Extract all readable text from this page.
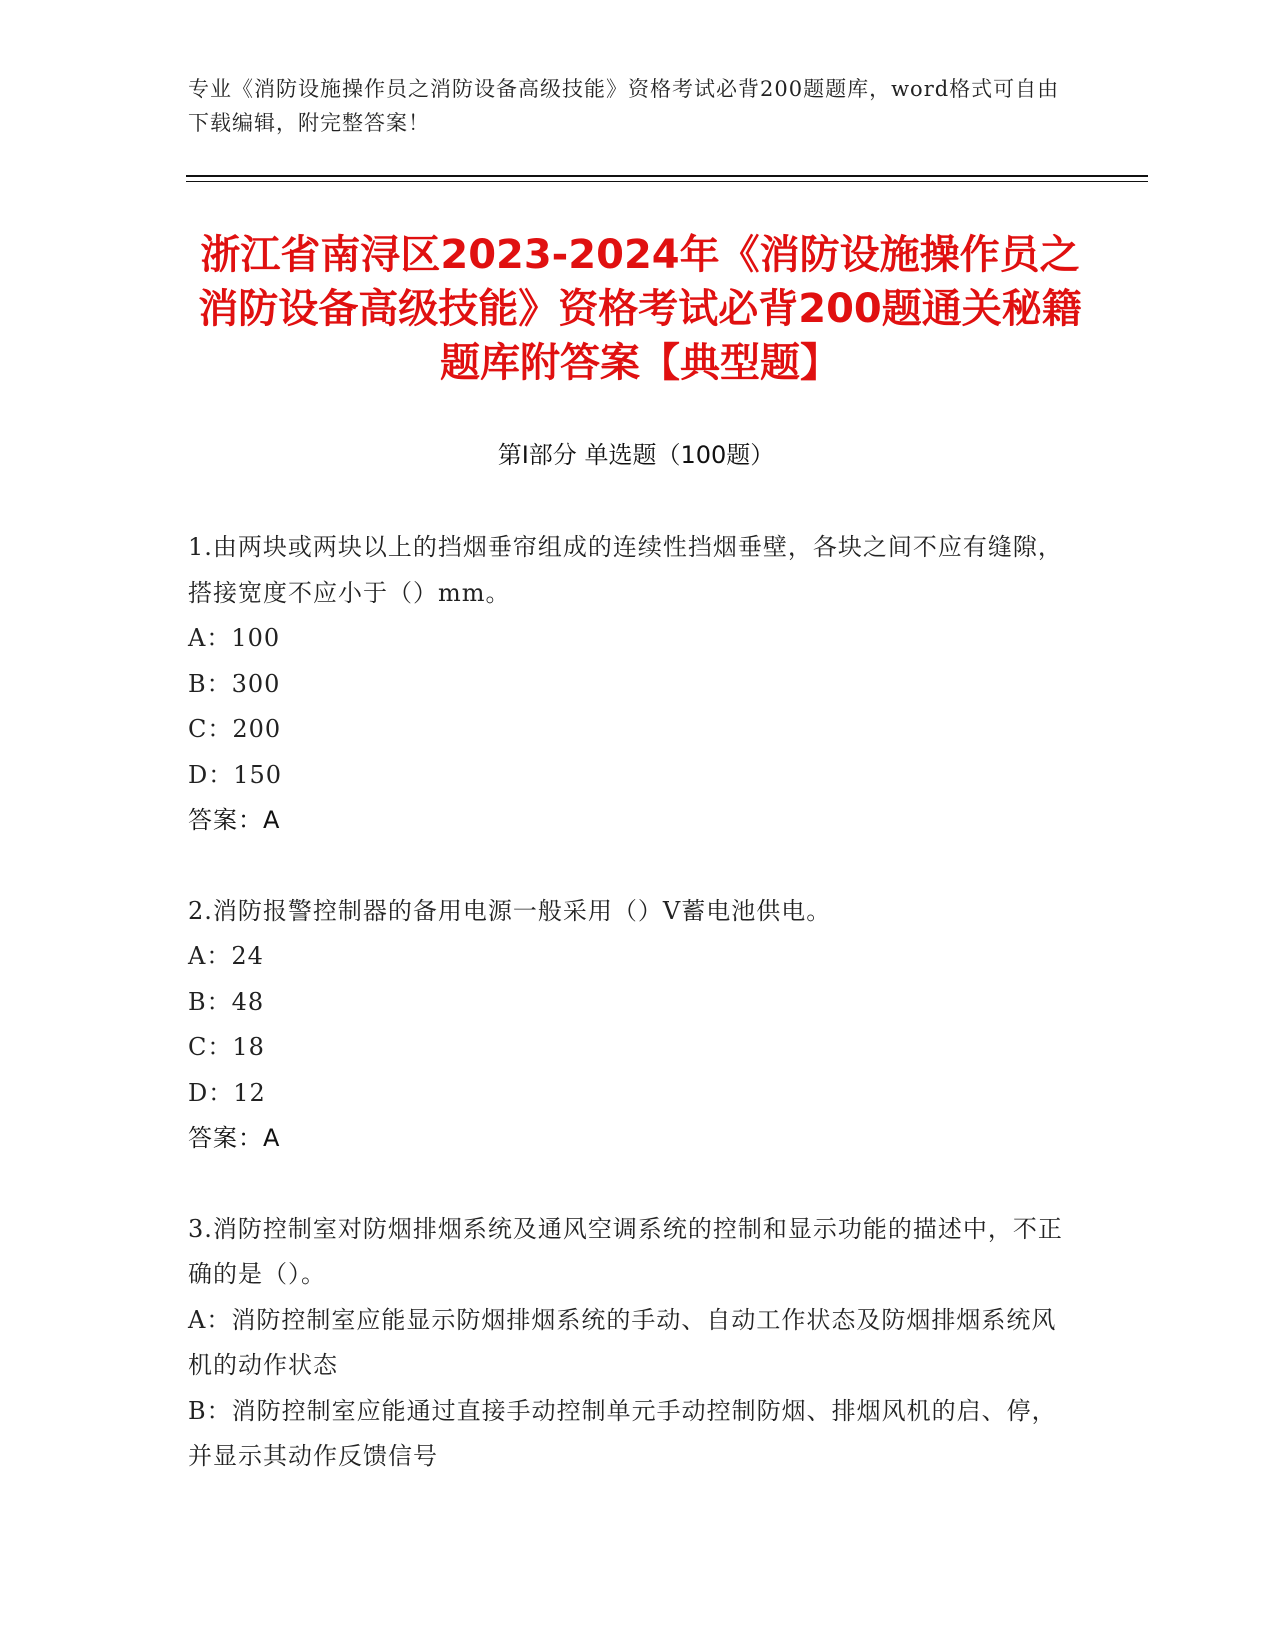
专业《消防设施操作员之消防设备高级技能》资格考试必背200题题库，word格式可自由下载编辑，附完整答案！
浙江省南浔区2023-2024年《消防设施操作员之消防设备高级技能》资格考试必背200题通关秘籍题库附答案【典型题】
第I部分 单选题（100题）

1.由两块或两块以上的挡烟垂帘组成的连续性挡烟垂壁，各块之间不应有缝隙，搭接宽度不应小于（）mm。

A：100

B：300

C：200

D：150

答案：A

2.消防报警控制器的备用电源一般采用（）V蓄电池供电。

A：24

B：48

C：18

D：12

答案：A

3.消防控制室对防烟排烟系统及通风空调系统的控制和显示功能的描述中，不正确的是（）。

A：消防控制室应能显示防烟排烟系统的手动、自动工作状态及防烟排烟系统风机的动作状态

B：消防控制室应能通过直接手动控制单元手动控制防烟、排烟风机的启、停，并显示其动作反馈信号
